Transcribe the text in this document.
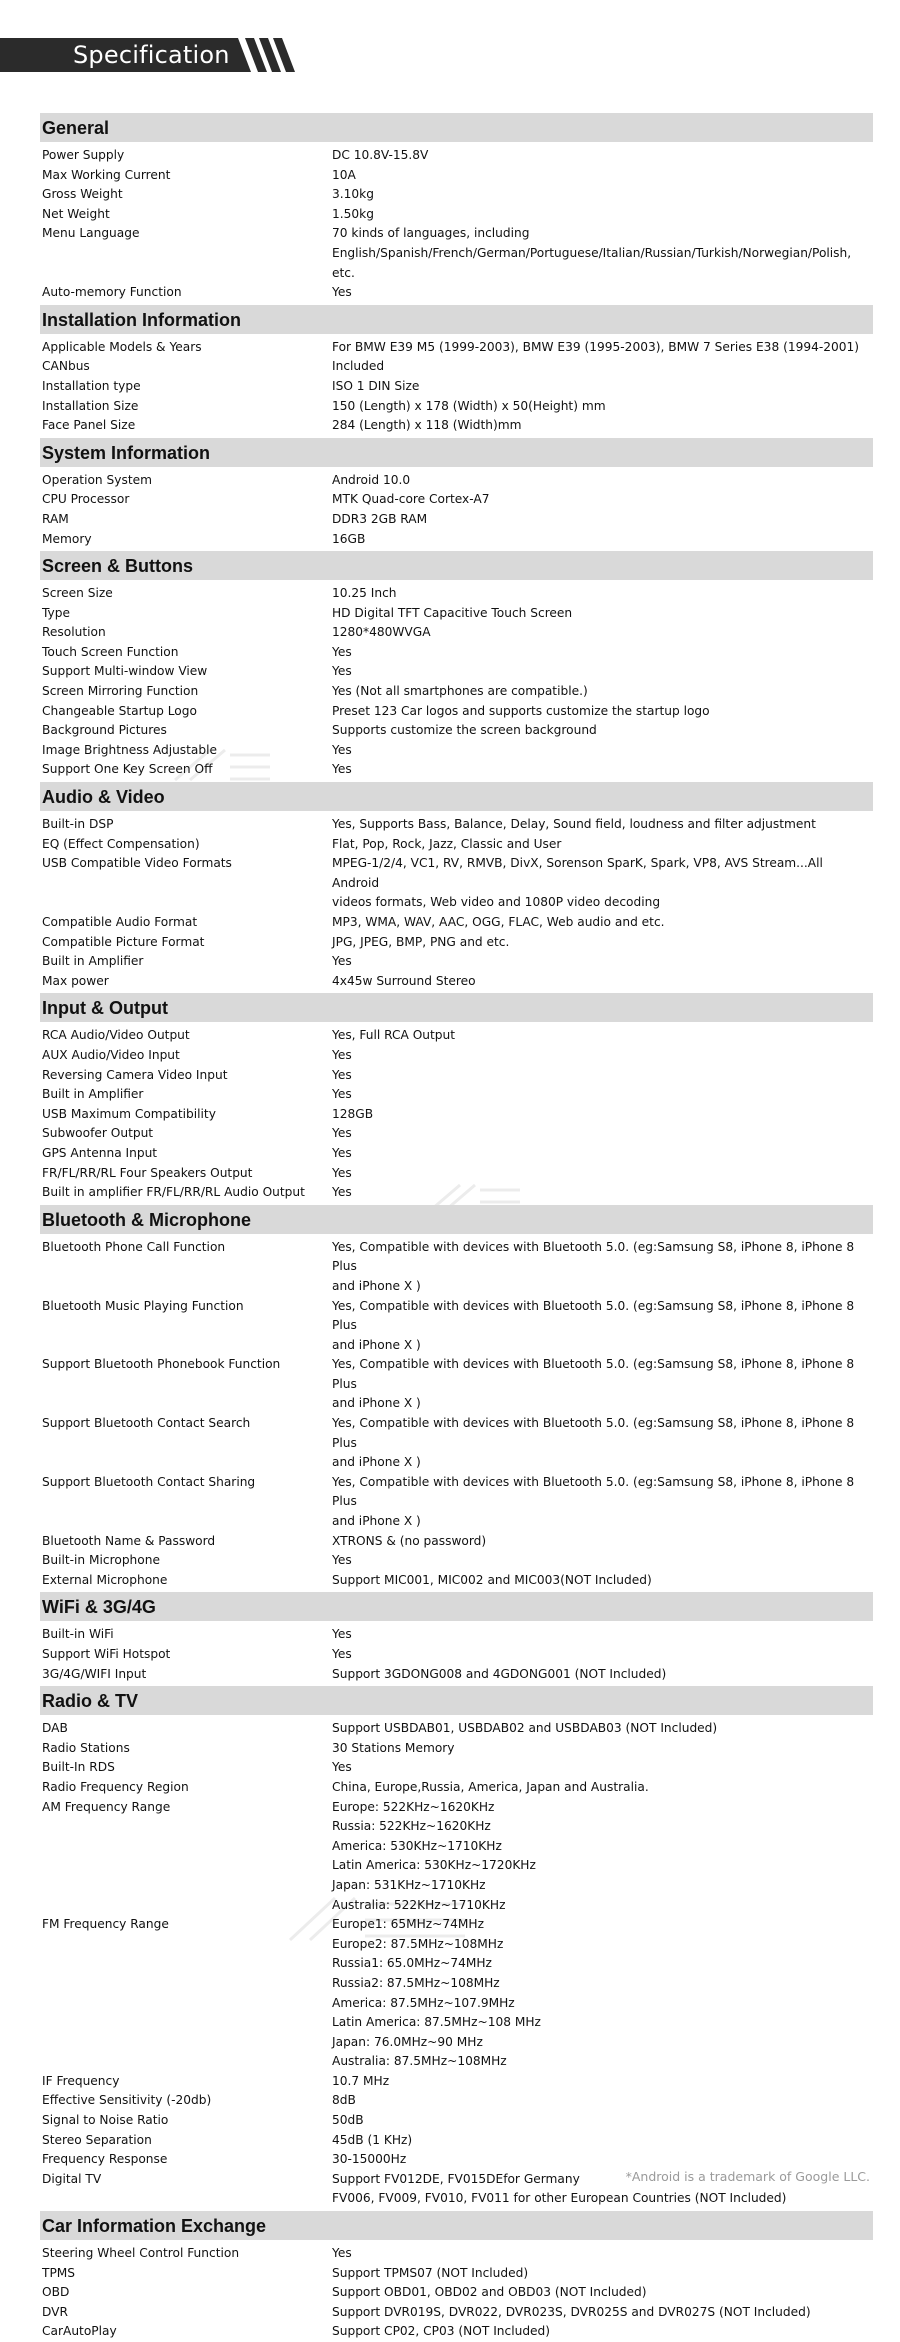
Specification
General
Power Supply	DC 10.8V-15.8V
Max Working Current	10A
Gross Weight	3.10kg
Net Weight	1.50kg
Menu Language	70 kinds of languages, including
English/Spanish/French/German/Portuguese/Italian/Russian/Turkish/Norwegian/Polish, etc.
Auto-memory Function	Yes
Installation Information
Applicable Models & Years	For BMW E39 M5 (1999-2003), BMW E39 (1995-2003), BMW 7 Series E38 (1994-2001)
CANbus	Included
Installation type	ISO 1 DIN Size
Installation Size	150 (Length) x 178 (Width) x 50(Height) mm
Face Panel Size	284 (Length) x 118 (Width)mm
System Information
Operation System	Android 10.0
CPU Processor	MTK Quad-core Cortex-A7
RAM	DDR3 2GB RAM
Memory	16GB
Screen & Buttons
Screen Size	10.25 Inch
Type	HD Digital TFT Capacitive Touch Screen
Resolution	1280*480WVGA
Touch Screen Function	Yes
Support Multi-window View	Yes
Screen Mirroring Function	Yes (Not all smartphones are compatible.)
Changeable Startup Logo	Preset 123 Car logos and supports customize the startup logo
Background Pictures	Supports customize the screen background
Image Brightness Adjustable	Yes
Support One Key Screen Off	Yes
Audio & Video
Built-in DSP	Yes, Supports Bass, Balance, Delay, Sound field, loudness and filter adjustment
EQ (Effect Compensation)	Flat, Pop, Rock, Jazz, Classic and User
USB Compatible Video Formats	MPEG-1/2/4, VC1, RV, RMVB, DivX, Sorenson SparK, Spark, VP8, AVS Stream...All Android
videos formats, Web video and 1080P video decoding
Compatible Audio Format	MP3, WMA, WAV, AAC, OGG, FLAC, Web audio and etc.
Compatible Picture Format	JPG, JPEG, BMP, PNG and etc.
Built in Amplifier	Yes
Max power	4x45w Surround Stereo
Input & Output
RCA Audio/Video Output	Yes, Full RCA Output
AUX Audio/Video Input	Yes
Reversing Camera Video Input	Yes
Built in Amplifier	Yes
USB Maximum Compatibility	128GB
Subwoofer Output	Yes
GPS Antenna Input	Yes
FR/FL/RR/RL Four Speakers Output	Yes
Built in amplifier FR/FL/RR/RL Audio Output	Yes
Bluetooth & Microphone
Bluetooth Phone Call Function	Yes, Compatible with devices with Bluetooth 5.0. (eg:Samsung S8, iPhone 8, iPhone 8 Plus
and iPhone X )
Bluetooth Music Playing Function	Yes, Compatible with devices with Bluetooth 5.0. (eg:Samsung S8, iPhone 8, iPhone 8 Plus
and iPhone X )
Support Bluetooth Phonebook Function	Yes, Compatible with devices with Bluetooth 5.0. (eg:Samsung S8, iPhone 8, iPhone 8 Plus
and iPhone X )
Support Bluetooth Contact Search	Yes, Compatible with devices with Bluetooth 5.0. (eg:Samsung S8, iPhone 8, iPhone 8 Plus
and iPhone X )
Support Bluetooth Contact Sharing	Yes, Compatible with devices with Bluetooth 5.0. (eg:Samsung S8, iPhone 8, iPhone 8 Plus
and iPhone X )
Bluetooth Name & Password	XTRONS & (no password)
Built-in Microphone	Yes
External Microphone	Support MIC001, MIC002 and MIC003(NOT Included)
WiFi & 3G/4G
Built-in WiFi	Yes
Support WiFi Hotspot	Yes
3G/4G/WIFI Input	Support 3GDONG008 and 4GDONG001 (NOT Included)
Radio & TV
DAB	Support USBDAB01, USBDAB02 and USBDAB03 (NOT Included)
Radio Stations	30 Stations Memory
Built-In RDS	Yes
Radio Frequency Region	China, Europe,Russia, America, Japan and Australia.
AM Frequency Range	Europe: 522KHz~1620KHz
Russia: 522KHz~1620KHz
America: 530KHz~1710KHz
Latin America: 530KHz~1720KHz
Japan: 531KHz~1710KHz
Australia: 522KHz~1710KHz
FM Frequency Range	Europe1: 65MHz~74MHz
Europe2: 87.5MHz~108MHz
Russia1: 65.0MHz~74MHz
Russia2: 87.5MHz~108MHz
America: 87.5MHz~107.9MHz
Latin America: 87.5MHz~108 MHz
Japan: 76.0MHz~90 MHz
Australia: 87.5MHz~108MHz
IF Frequency	10.7 MHz
Effective Sensitivity (-20db)	8dB
Signal to Noise Ratio	50dB
Stereo Separation	45dB (1 KHz)
Frequency Response	30-15000Hz
Digital TV	Support FV012DE, FV015DEfor Germany
FV006, FV009, FV010, FV011 for other European Countries (NOT Included)
Car Information Exchange
Steering Wheel Control Function	Yes
TPMS	Support TPMS07 (NOT Included)
OBD	Support OBD01, OBD02 and OBD03 (NOT Included)
DVR	Support DVR019S, DVR022, DVR023S, DVR025S and DVR027S (NOT Included)
CarAutoPlay	Support CP02, CP03 (NOT Included)
*Android is a trademark of Google LLC.
